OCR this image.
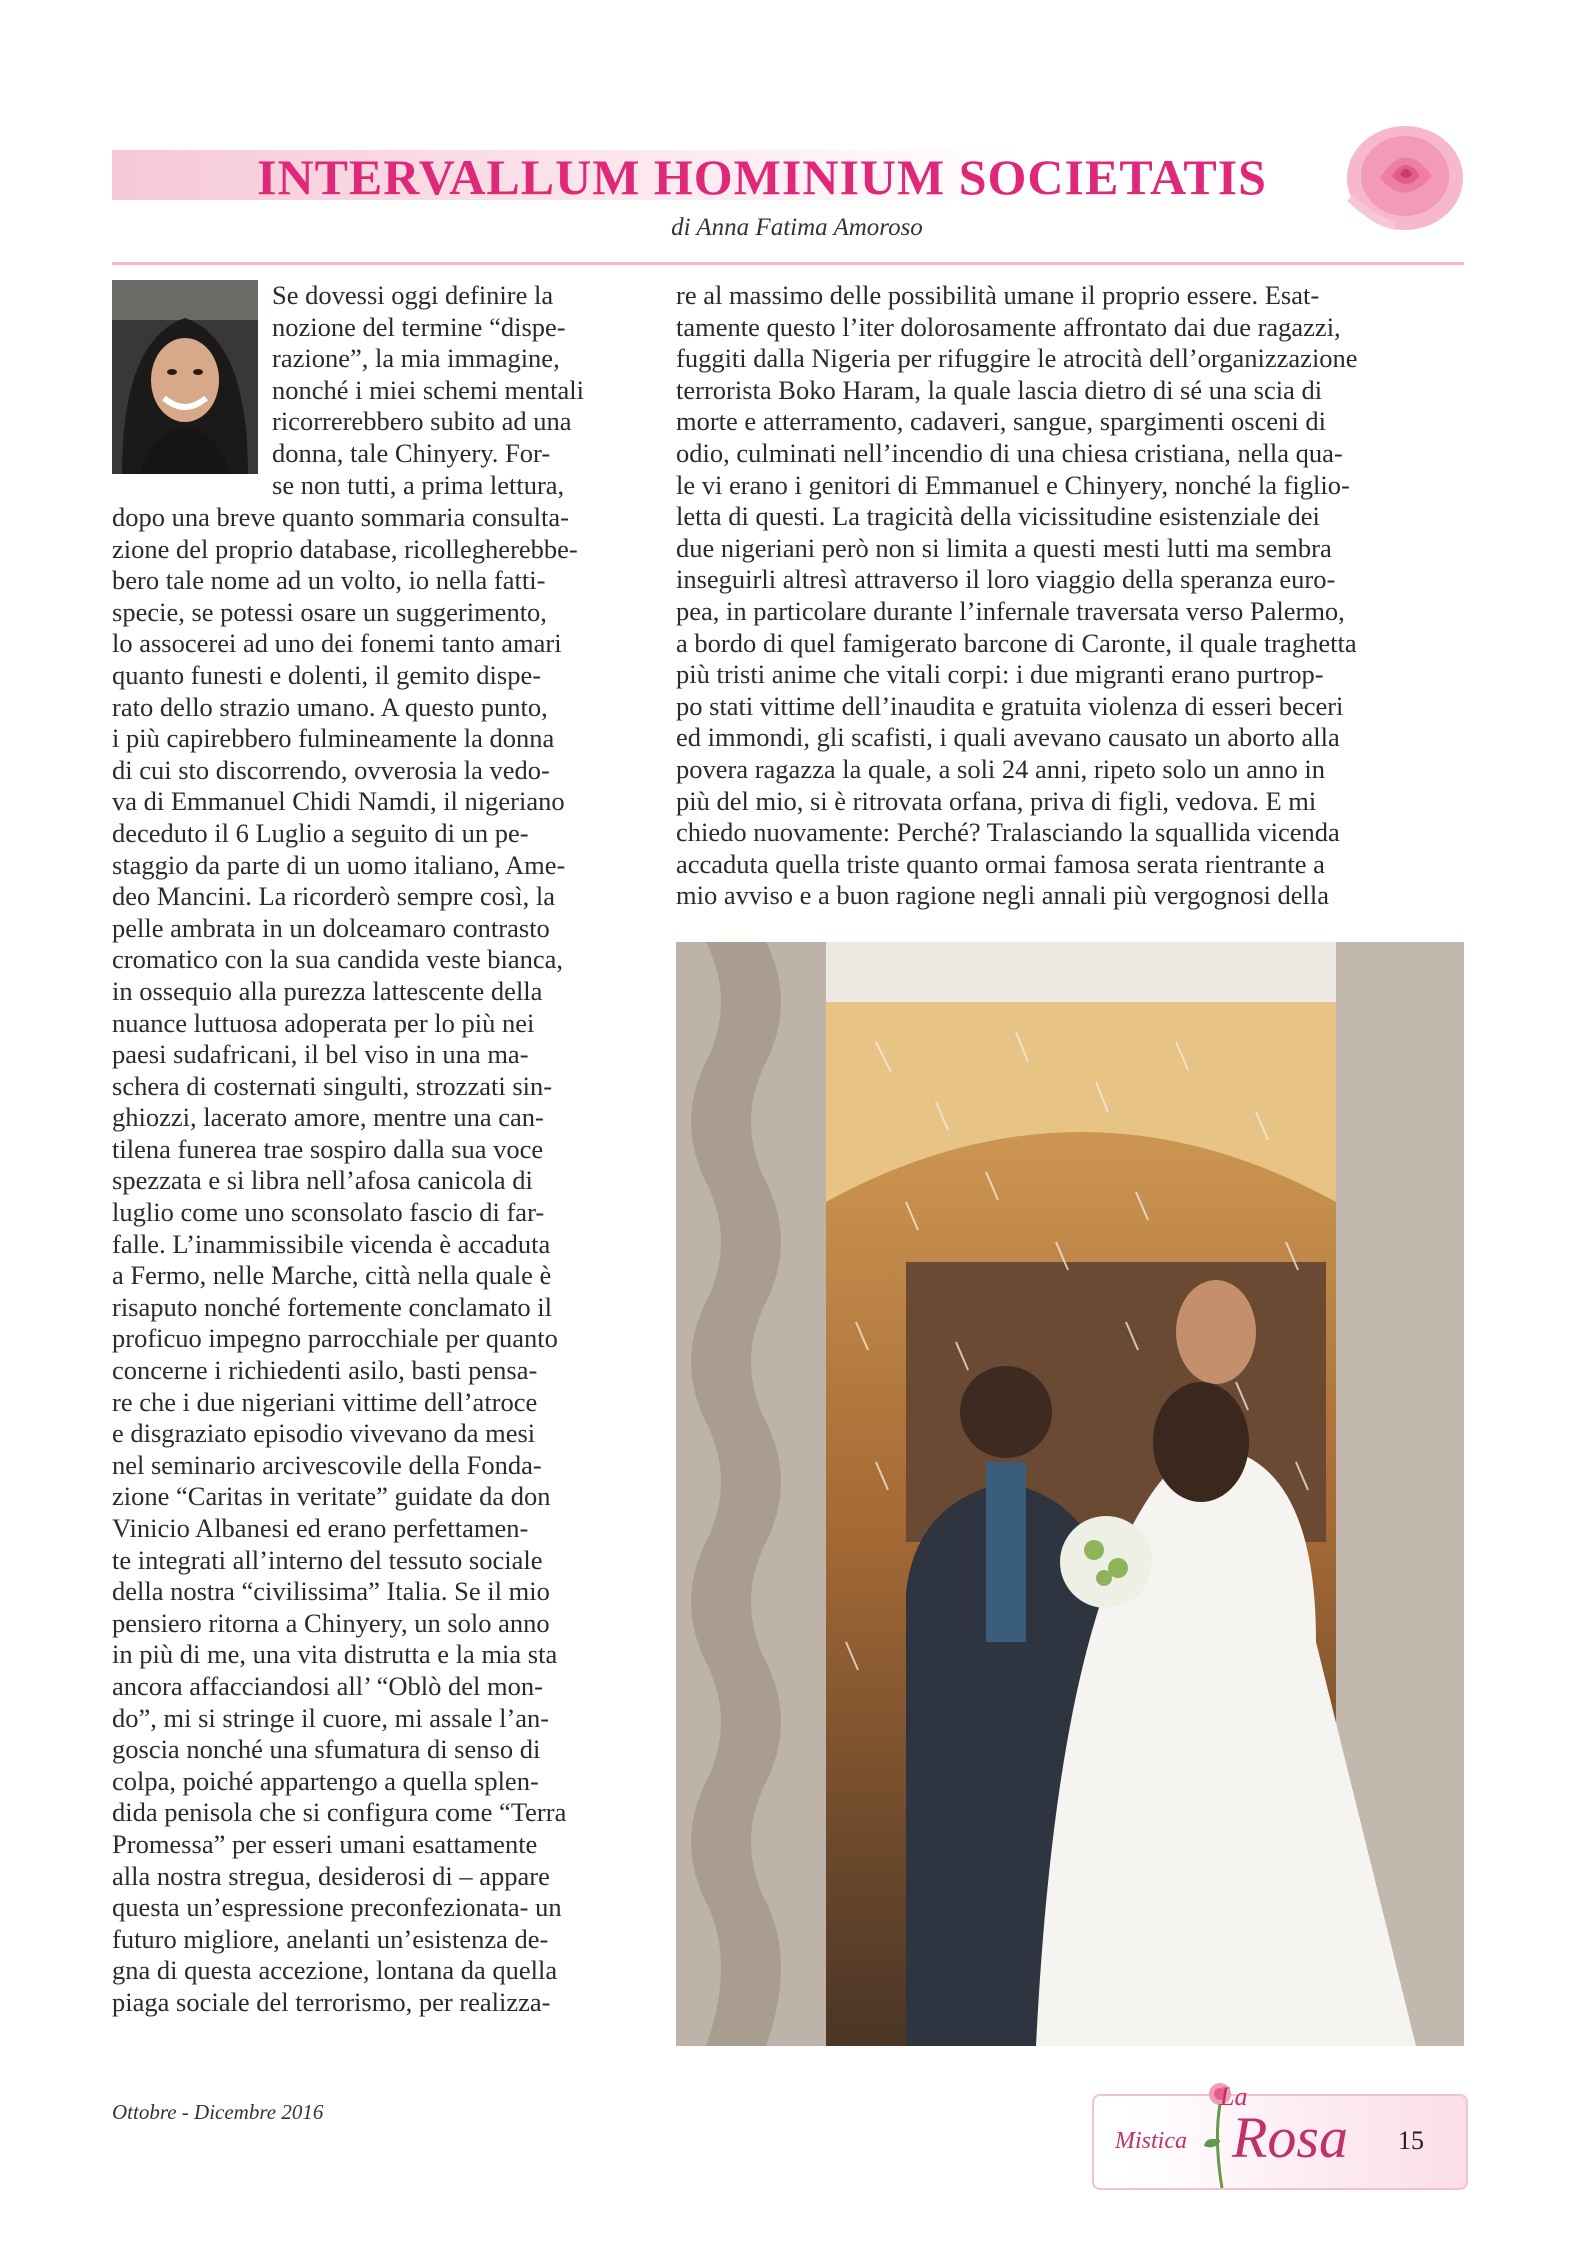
INTERVALLUM HOMINIUM SOCIETATIS
di Anna Fatima Amoroso

Se dovessi oggi definire la

nozione del termine “dispe-

razione”, la mia immagine,

nonché i miei schemi mentali

ricorrerebbero subito ad una

donna, tale Chinyery. For-

se non tutti, a prima lettura,

dopo una breve quanto sommaria consulta-

zione del proprio database, ricollegherebbe-

bero tale nome ad un volto, io nella fatti-

specie, se potessi osare un suggerimento,

lo assocerei ad uno dei fonemi tanto amari

quanto funesti e dolenti, il gemito dispe-

rato dello strazio umano. A questo punto,

i più capirebbero fulmineamente la donna

di cui sto discorrendo, ovverosia la vedo-

va di Emmanuel Chidi Namdi, il nigeriano

deceduto il 6 Luglio a seguito di un pe-

staggio da parte di un uomo italiano, Ame-

deo Mancini. La ricorderò sempre così, la

pelle ambrata in un dolceamaro contrasto

cromatico con la sua candida veste bianca,

in ossequio alla purezza lattescente della

nuance luttuosa adoperata per lo più nei

paesi sudafricani, il bel viso in una ma-

schera di costernati singulti, strozzati sin-

ghiozzi, lacerato amore, mentre una can-

tilena funerea trae sospiro dalla sua voce

spezzata e si libra nell’afosa canicola di

luglio come uno sconsolato fascio di far-

falle. L’inammissibile vicenda è accaduta

a Fermo, nelle Marche, città nella quale è

risaputo nonché fortemente conclamato il

proficuo impegno parrocchiale per quanto

concerne i richiedenti asilo, basti pensa-

re che i due nigeriani vittime dell’atroce

e disgraziato episodio vivevano da mesi

nel seminario arcivescovile della Fonda-

zione “Caritas in veritate” guidate da don

Vinicio Albanesi ed erano perfettamen-

te integrati all’interno del tessuto sociale

della nostra “civilissima” Italia. Se il mio

pensiero ritorna a Chinyery, un solo anno

in più di me, una vita distrutta e la mia sta

ancora affacciandosi all’ “Oblò del mon-

do”, mi si stringe il cuore, mi assale l’an-

goscia nonché una sfumatura di senso di

colpa, poiché appartengo a quella splen-

dida penisola che si configura come “Terra

Promessa” per esseri umani esattamente

alla nostra stregua, desiderosi di – appare

questa un’espressione preconfezionata- un

futuro migliore, anelanti un’esistenza de-

gna di questa accezione, lontana da quella

piaga sociale del terrorismo, per realizza-

re al massimo delle possibilità umane il proprio essere. Esat-

tamente questo l’iter dolorosamente affrontato dai due ragazzi,

fuggiti dalla Nigeria per rifuggire le atrocità dell’organizzazione

terrorista Boko Haram, la quale lascia dietro di sé una scia di

morte e atterramento, cadaveri, sangue, spargimenti osceni di

odio, culminati nell’incendio di una chiesa cristiana, nella qua-

le vi erano i genitori di Emmanuel e Chinyery, nonché la figlio-

letta di questi. La tragicità della vicissitudine esistenziale dei

due nigeriani però non si limita a questi mesti lutti ma sembra

inseguirli altresì attraverso il loro viaggio della speranza euro-

pea, in particolare durante l’infernale traversata verso Palermo,

a bordo di quel famigerato barcone di Caronte, il quale traghetta

più tristi anime che vitali corpi: i due migranti erano purtrop-

po stati vittime dell’inaudita e gratuita violenza di esseri beceri

ed immondi, gli scafisti, i quali avevano causato un aborto alla

povera ragazza la quale, a soli 24 anni, ripeto solo un anno in

più del mio, si è ritrovata orfana, priva di figli, vedova. E mi

chiedo nuovamente: Perché? Tralasciando la squallida vicenda

accaduta quella triste quanto ormai famosa serata rientrante a

mio avviso e a buon ragione negli annali più vergognosi della

Ottobre - Dicembre 2016
La
Mistica Rosa 15
